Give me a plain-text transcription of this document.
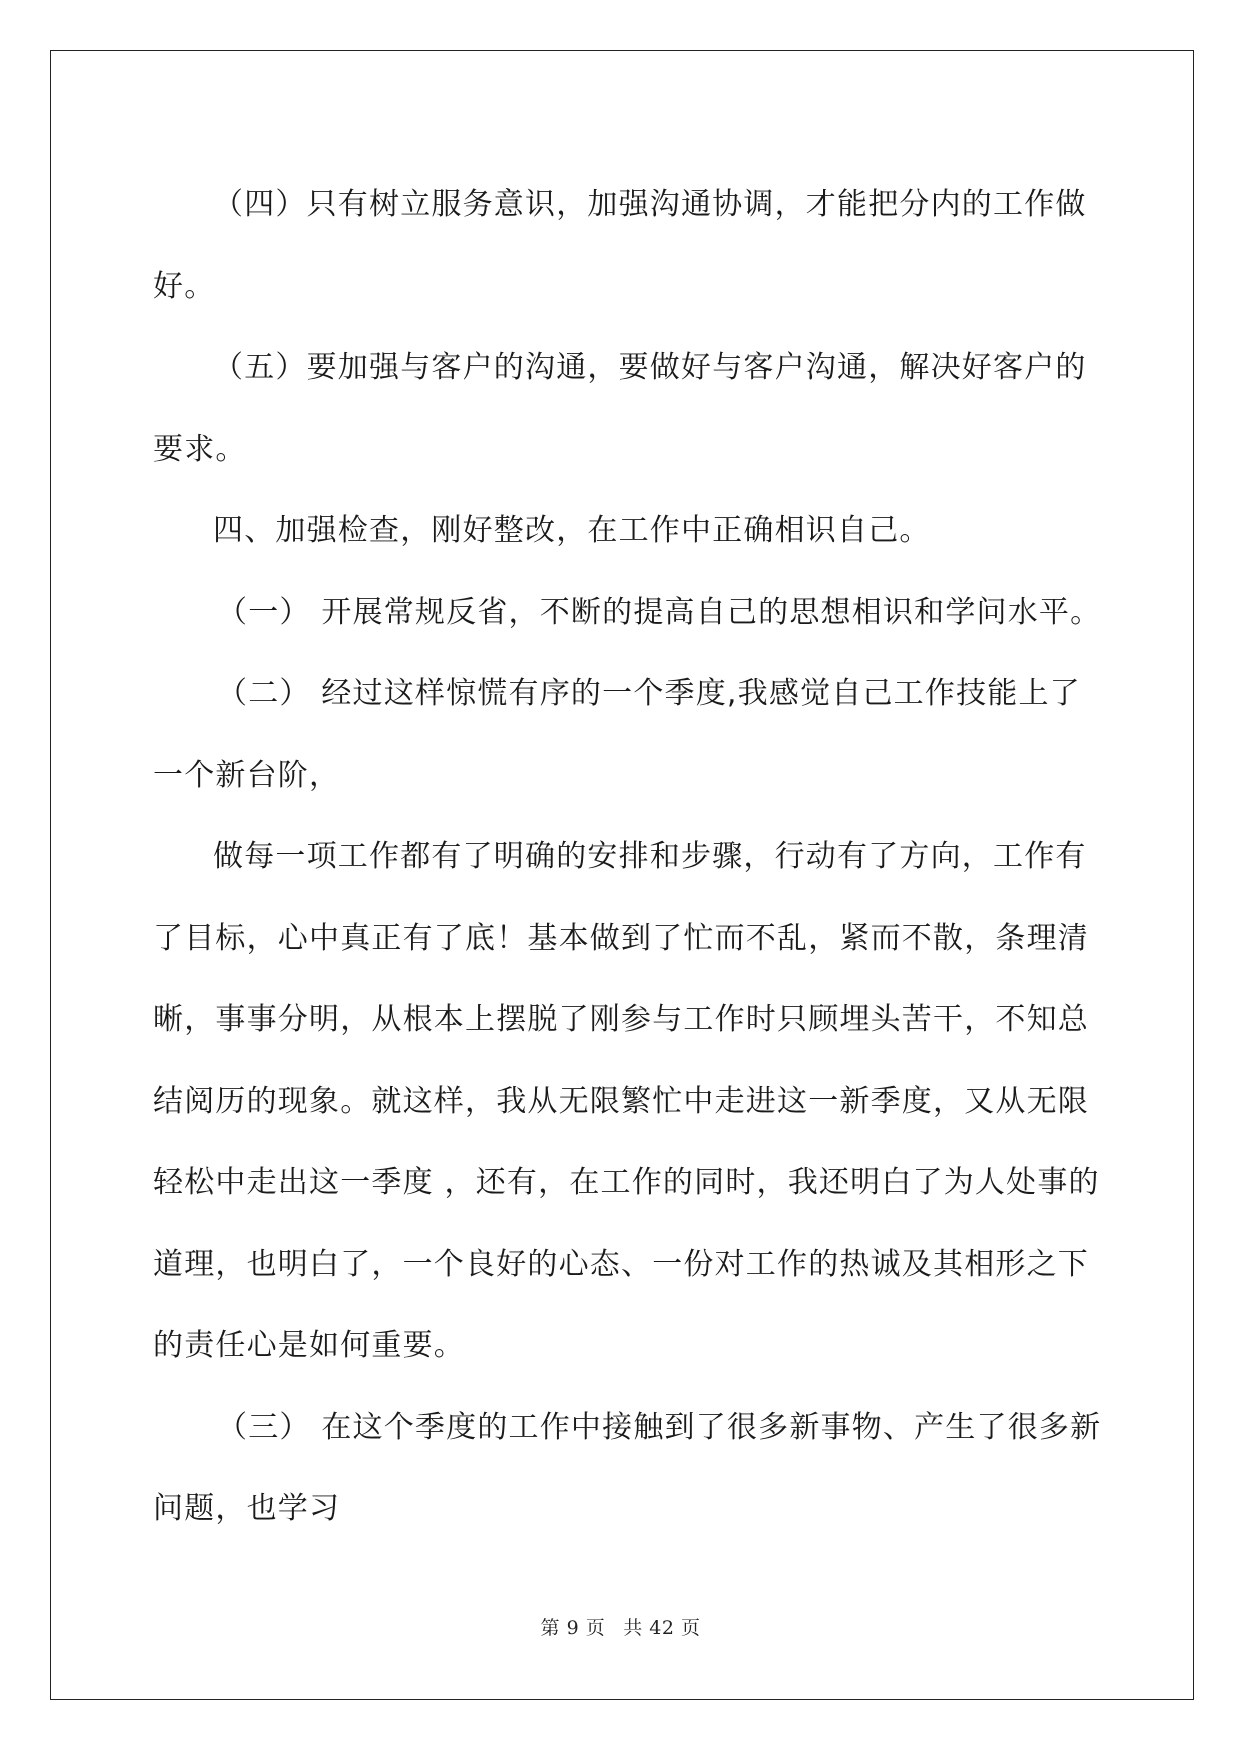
（四）只有树立服务意识，加强沟通协调，才能把分内的工作做好。

（五）要加强与客户的沟通，要做好与客户沟通，解决好客户的要求。

四、加强检查，刚好整改，在工作中正确相识自己。

（一） 开展常规反省，不断的提高自己的思想相识和学问水平。

（二） 经过这样惊慌有序的一个季度,我感觉自己工作技能上了一个新台阶，

做每一项工作都有了明确的安排和步骤，行动有了方向，工作有了目标，心中真正有了底！基本做到了忙而不乱，紧而不散，条理清晰，事事分明，从根本上摆脱了刚参与工作时只顾埋头苦干，不知总结阅历的现象。就这样，我从无限繁忙中走进这一新季度，又从无限轻松中走出这一季度 ，还有，在工作的同时，我还明白了为人处事的道理，也明白了，一个良好的心态、一份对工作的热诚及其相形之下的责任心是如何重要。

（三） 在这个季度的工作中接触到了很多新事物、产生了很多新问题，也学习

第 9 页 共 42 页
